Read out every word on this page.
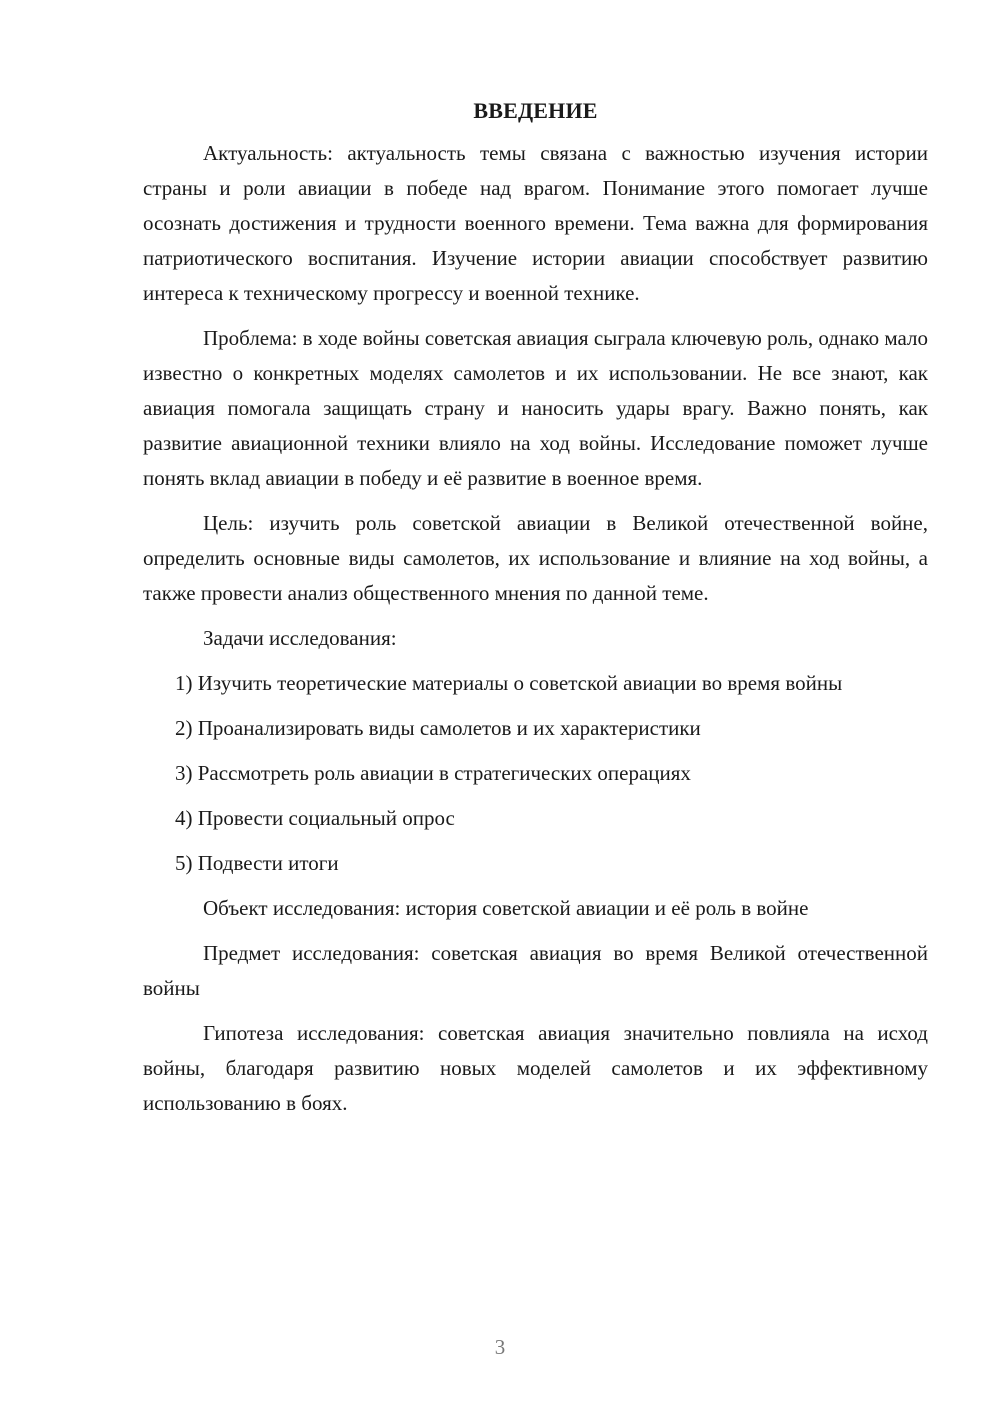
ВВЕДЕНИЕ

Актуальность: актуальность темы связана с важностью изучения истории страны и роли авиации в победе над врагом. Понимание этого помогает лучше осознать достижения и трудности военного времени. Тема важна для формирования патриотического воспитания. Изучение истории авиации способствует развитию интереса к техническому прогрессу и военной технике.

Проблема: в ходе войны советская авиация сыграла ключевую роль, однако мало известно о конкретных моделях самолетов и их использовании. Не все знают, как авиация помогала защищать страну и наносить удары врагу. Важно понять, как развитие авиационной техники влияло на ход войны. Исследование поможет лучше понять вклад авиации в победу и её развитие в военное время.

Цель: изучить роль советской авиации в Великой отечественной войне, определить основные виды самолетов, их использование и влияние на ход войны, а также провести анализ общественного мнения по данной теме.

Задачи исследования:

1) Изучить теоретические материалы о советской авиации во время войны

2) Проанализировать виды самолетов и их характеристики

3) Рассмотреть роль авиации в стратегических операциях

4) Провести социальный опрос

5) Подвести итоги

Объект исследования: история советской авиации и её роль в войне

Предмет исследования: советская авиация во время Великой отечественной войны

Гипотеза исследования: советская авиация значительно повлияла на исход войны, благодаря развитию новых моделей самолетов и их эффективному использованию в боях.

3
